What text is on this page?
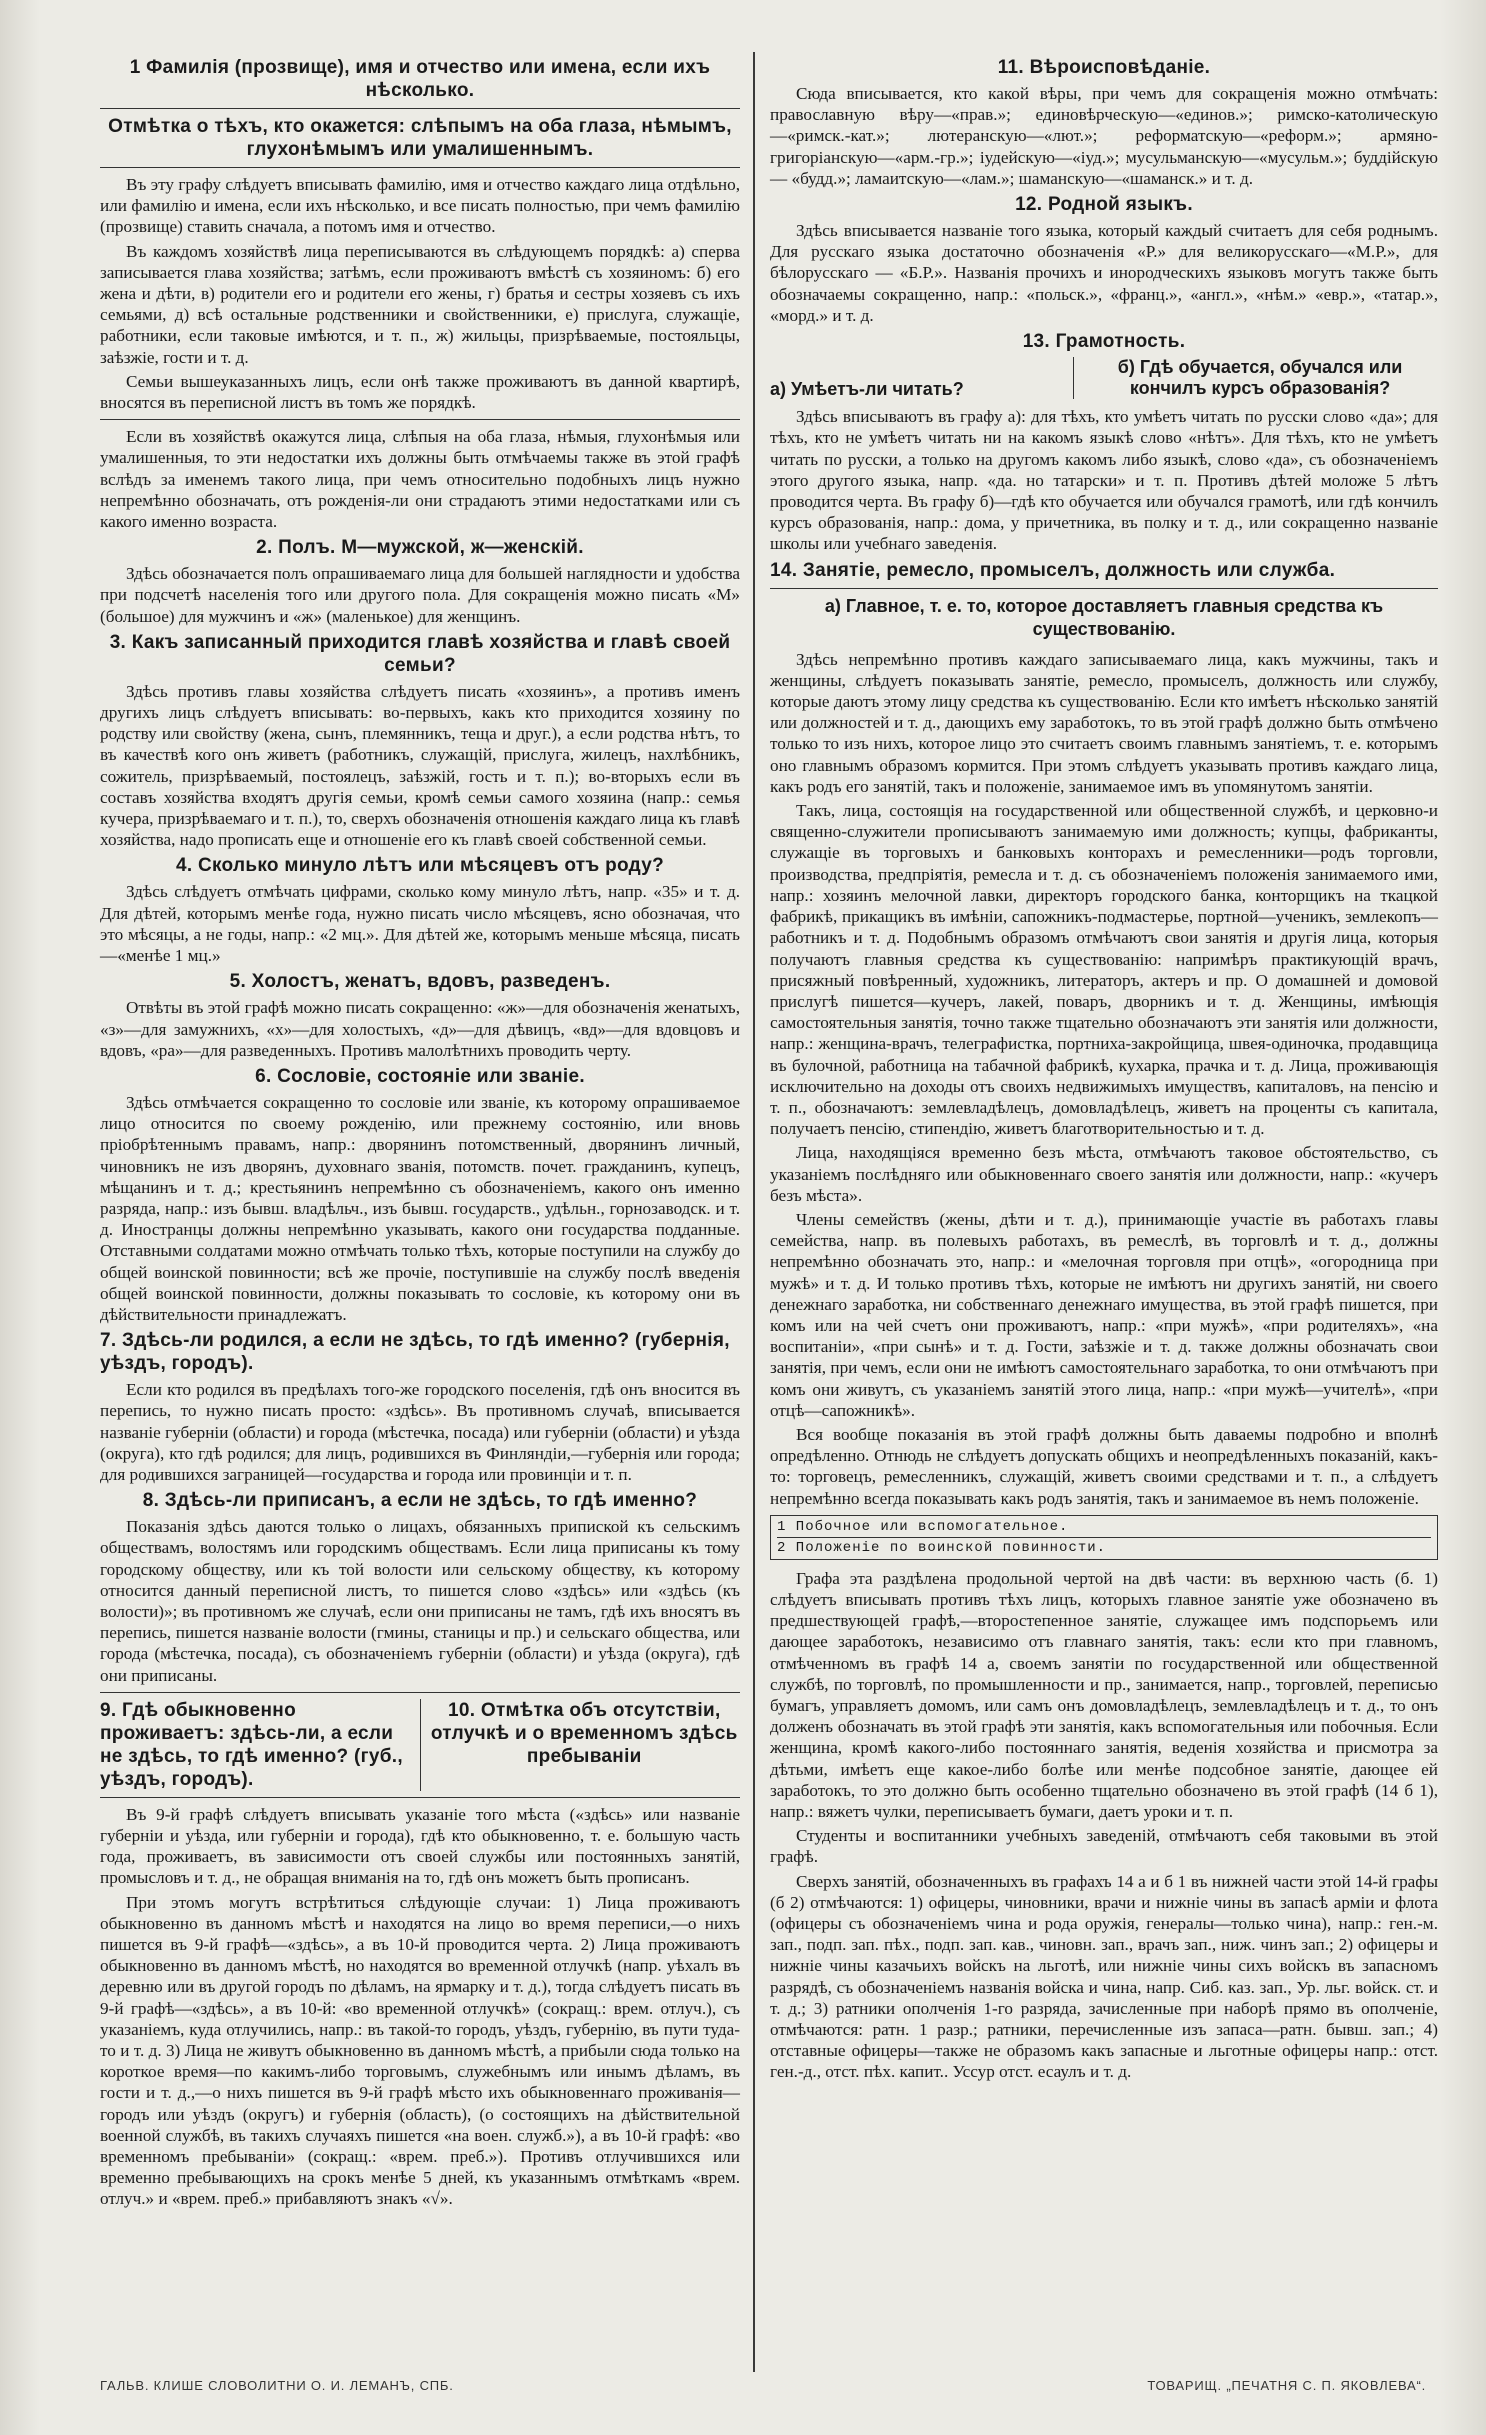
1 Фамилія (прозвище), имя и отчество или имена, если ихъ нѣсколько.
Отмѣтка о тѣхъ, кто окажется: слѣпымъ на оба глаза, нѣмымъ, глухонѣмымъ или умалишеннымъ.

Въ эту графу слѣдуетъ вписывать фамилію, имя и отчество каждаго лица отдѣльно, или фамилію и имена, если ихъ нѣсколько, и все писать полностью, при чемъ фамилію (прозвище) ставить сначала, а потомъ имя и отчество.

Въ каждомъ хозяйствѣ лица переписываются въ слѣдующемъ порядкѣ: а) сперва записывается глава хозяйства; затѣмъ, если проживаютъ вмѣстѣ съ хозяиномъ: б) его жена и дѣти, в) родители его и родители его жены, г) братья и сестры хозяевъ съ ихъ семьями, д) всѣ остальные родственники и свойственники, е) прислуга, служащіе, работники, если таковые имѣются, и т. п., ж) жильцы, призрѣваемые, постояльцы, заѣзжіе, гости и т. д.

Семьи вышеуказанныхъ лицъ, если онѣ также проживаютъ въ данной квартирѣ, вносятся въ переписной листъ въ томъ же порядкѣ.

Если въ хозяйствѣ окажутся лица, слѣпыя на оба глаза, нѣмыя, глухонѣмыя или умалишенныя, то эти недостатки ихъ должны быть отмѣчаемы также въ этой графѣ вслѣдъ за именемъ такого лица, при чемъ относительно подобныхъ лицъ нужно непремѣнно обозначать, отъ рожденія-ли они страдаютъ этими недостатками или съ какого именно возраста.

2. Полъ. М—мужской, ж—женскій.

Здѣсь обозначается полъ опрашиваемаго лица для большей наглядности и удобства при подсчетѣ населенія того или другого пола. Для сокращенія можно писать «М» (большое) для мужчинъ и «ж» (маленькое) для женщинъ.

3. Какъ записанный приходится главѣ хозяйства и главѣ своей семьи?

Здѣсь противъ главы хозяйства слѣдуетъ писать «хозяинъ», а противъ именъ другихъ лицъ слѣдуетъ вписывать: во-первыхъ, какъ кто приходится хозяину по родству или свойству (жена, сынъ, племянникъ, теща и друг.), а если родства нѣтъ, то въ качествѣ кого онъ живетъ (работникъ, служащій, прислуга, жилецъ, нахлѣбникъ, сожитель, призрѣваемый, постоялецъ, заѣзжій, гость и т. п.); во-вторыхъ если въ составъ хозяйства входятъ другія семьи, кромѣ семьи самого хозяина (напр.: семья кучера, призрѣваемаго и т. п.), то, сверхъ обозначенія отношенія каждаго лица къ главѣ хозяйства, надо прописать еще и отношеніе его къ главѣ своей собственной семьи.

4. Сколько минуло лѣтъ или мѣсяцевъ отъ роду?

Здѣсь слѣдуетъ отмѣчать цифрами, сколько кому минуло лѣтъ, напр. «35» и т. д. Для дѣтей, которымъ менѣе года, нужно писать число мѣсяцевъ, ясно обозначая, что это мѣсяцы, а не годы, напр.: «2 мц.». Для дѣтей же, которымъ меньше мѣсяца, писать—«менѣе 1 мц.»

5. Холостъ, женатъ, вдовъ, разведенъ.

Отвѣты въ этой графѣ можно писать сокращенно: «ж»—для обозначенія женатыхъ, «з»—для замужнихъ, «х»—для холостыхъ, «д»—для дѣвицъ, «вд»—для вдовцовъ и вдовъ, «ра»—для разведенныхъ. Противъ малолѣтнихъ проводить черту.

6. Сословіе, состояніе или званіе.

Здѣсь отмѣчается сокращенно то сословіе или званіе, къ которому опрашиваемое лицо относится по своему рожденію, или прежнему состоянію, или вновь пріобрѣтеннымъ правамъ, напр.: дворянинъ потомственный, дворянинъ личный, чиновникъ не изъ дворянъ, духовнаго званія, потомств. почет. гражданинъ, купецъ, мѣщанинъ и т. д.; крестьянинъ непремѣнно съ обозначеніемъ, какого онъ именно разряда, напр.: изъ бывш. владѣльч., изъ бывш. государств., удѣльн., горнозаводск. и т. д. Иностранцы должны непремѣнно указывать, какого они государства подданные. Отставными солдатами можно отмѣчать только тѣхъ, которые поступили на службу до общей воинской повинности; всѣ же прочіе, поступившіе на службу послѣ введенія общей воинской повинности, должны показывать то сословіе, къ которому они въ дѣйствительности принадлежатъ.

7. Здѣсь-ли родился, а если не здѣсь, то гдѣ именно? (губернія, уѣздъ, городъ).

Если кто родился въ предѣлахъ того-же городского поселенія, гдѣ онъ вносится въ перепись, то нужно писать просто: «здѣсь». Въ противномъ случаѣ, вписывается названіе губерніи (области) и города (мѣстечка, посада) или губерніи (области) и уѣзда (округа), кто гдѣ родился; для лицъ, родившихся въ Финляндіи,—губернія или города; для родившихся заграницей—государства и города или провинціи и т. п.

8. Здѣсь-ли приписанъ, а если не здѣсь, то гдѣ именно?

Показанія здѣсь даются только о лицахъ, обязанныхъ припиской къ сельскимъ обществамъ, волостямъ или городскимъ обществамъ. Если лица приписаны къ тому городскому обществу, или къ той волости или сельскому обществу, къ которому относится данный переписной листъ, то пишется слово «здѣсь» или «здѣсь (къ волости)»; въ противномъ же случаѣ, если они приписаны не тамъ, гдѣ ихъ вносятъ въ перепись, пишется названіе волости (гмины, станицы и пр.) и сельскаго общества, или города (мѣстечка, посада), съ обозначеніемъ губерніи (области) и уѣзда (округа), гдѣ они приписаны.

9. Гдѣ обыкновенно проживаетъ: здѣсь-ли, а если не здѣсь, то гдѣ именно? (губ., уѣздъ, городъ).
10. Отмѣтка объ отсутствіи, отлучкѣ и о временномъ здѣсь пребываніи

Въ 9-й графѣ слѣдуетъ вписывать указаніе того мѣста («здѣсь» или названіе губерніи и уѣзда, или губерніи и города), гдѣ кто обыкновенно, т. е. большую часть года, проживаетъ, въ зависимости отъ своей службы или постоянныхъ занятій, промысловъ и т. д., не обращая вниманія на то, гдѣ онъ можетъ быть прописанъ.

При этомъ могутъ встрѣтиться слѣдующіе случаи: 1) Лица проживаютъ обыкновенно въ данномъ мѣстѣ и находятся на лицо во время переписи,—о нихъ пишется въ 9-й графѣ—«здѣсь», а въ 10-й проводится черта. 2) Лица проживаютъ обыкновенно въ данномъ мѣстѣ, но находятся во временной отлучкѣ (напр. уѣхалъ въ деревню или въ другой городъ по дѣламъ, на ярмарку и т. д.), тогда слѣдуетъ писать въ 9-й графѣ—«здѣсь», а въ 10-й: «во временной отлучкѣ» (сокращ.: врем. отлуч.), съ указаніемъ, куда отлучились, напр.: въ такой-то городъ, уѣздъ, губернію, въ пути туда-то и т. д. 3) Лица не живутъ обыкновенно въ данномъ мѣстѣ, а прибыли сюда только на короткое время—по какимъ-либо торговымъ, служебнымъ или инымъ дѣламъ, въ гости и т. д.,—о нихъ пишется въ 9-й графѣ мѣсто ихъ обыкновеннаго проживанія—городъ или уѣздъ (округъ) и губернія (область), (о состоящихъ на дѣйствительной военной службѣ, въ такихъ случаяхъ пишется «на воен. служб.»), а въ 10-й графѣ: «во временномъ пребываніи» (сокращ.: «врем. преб.»). Противъ отлучившихся или временно пребывающихъ на срокъ менѣе 5 дней, къ указаннымъ отмѣткамъ «врем. отлуч.» и «врем. преб.» прибавляютъ знакъ «√».

11. Вѣроисповѣданіе.

Сюда вписывается, кто какой вѣры, при чемъ для сокращенія можно отмѣчать: православную вѣру—«прав.»; единовѣрческую—«единов.»; римско-католическую—«римск.-кат.»; лютеранскую—«лют.»; реформатскую—«реформ.»; армяно-григоріанскую—«арм.-гр.»; іудейскую—«іуд.»; мусульманскую—«мусульм.»; буддійскую — «будд.»; ламаитскую—«лам.»; шаманскую—«шаманск.» и т. д.

12. Родной языкъ.

Здѣсь вписывается названіе того языка, который каждый считаетъ для себя роднымъ. Для русскаго языка достаточно обозначенія «Р.» для великорусскаго—«М.Р.», для бѣлорусскаго — «Б.Р.». Названія прочихъ и инородческихъ языковъ могутъ также быть обозначаемы сокращенно, напр.: «польск.», «франц.», «англ.», «нѣм.» «евр.», «татар.», «морд.» и т. д.

13. Грамотность.
а) Умѣетъ-ли читать?
б) Гдѣ обучается, обучался или кончилъ курсъ образованія?

Здѣсь вписываютъ въ графу а): для тѣхъ, кто умѣетъ читать по русски слово «да»; для тѣхъ, кто не умѣетъ читать ни на какомъ языкѣ слово «нѣтъ». Для тѣхъ, кто не умѣетъ читать по русски, а только на другомъ какомъ либо языкѣ, слово «да», съ обозначеніемъ этого другого языка, напр. «да. но татарски» и т. п. Противъ дѣтей моложе 5 лѣтъ проводится черта. Въ графу б)—гдѣ кто обучается или обучался грамотѣ, или гдѣ кончилъ курсъ образованія, напр.: дома, у причетника, въ полку и т. д., или сокращенно названіе школы или учебнаго заведенія.

14. Занятіе, ремесло, промыселъ, должность или служба.
а) Главное, т. е. то, которое доставляетъ главныя средства къ существованію.

Здѣсь непремѣнно противъ каждаго записываемаго лица, какъ мужчины, такъ и женщины, слѣдуетъ показывать занятіе, ремесло, промыселъ, должность или службу, которые даютъ этому лицу средства къ существованію. Если кто имѣетъ нѣсколько занятій или должностей и т. д., дающихъ ему заработокъ, то въ этой графѣ должно быть отмѣчено только то изъ нихъ, которое лицо это считаетъ своимъ главнымъ занятіемъ, т. е. которымъ оно главнымъ образомъ кормится. При этомъ слѣдуетъ указывать противъ каждаго лица, какъ родъ его занятій, такъ и положеніе, занимаемое имъ въ упомянутомъ занятіи.

Такъ, лица, состоящія на государственной или общественной службѣ, и церковно-и священно-служители прописываютъ занимаемую ими должность; купцы, фабриканты, служащіе въ торговыхъ и банковыхъ конторахъ и ремесленники—родъ торговли, производства, предпріятія, ремесла и т. д. съ обозначеніемъ положенія занимаемого ими, напр.: хозяинъ мелочной лавки, директоръ городского банка, конторщикъ на ткацкой фабрикѣ, прикащикъ въ имѣніи, сапожникъ-подмастерье, портной—ученикъ, землекопъ—работникъ и т. д. Подобнымъ образомъ отмѣчаютъ свои занятія и другія лица, которыя получаютъ главныя средства къ существованію: напримѣръ практикующій врачъ, присяжный повѣренный, художникъ, литераторъ, актеръ и пр. О домашней и домовой прислугѣ пишется—кучеръ, лакей, поваръ, дворникъ и т. д. Женщины, имѣющія самостоятельныя занятія, точно также тщательно обозначаютъ эти занятія или должности, напр.: женщина-врачъ, телеграфистка, портниха-закройщица, швея-одиночка, продавщица въ булочной, работница на табачной фабрикѣ, кухарка, прачка и т. д. Лица, проживающія исключительно на доходы отъ своихъ недвижимыхъ имуществъ, капиталовъ, на пенсію и т. п., обозначаютъ: землевладѣлецъ, домовладѣлецъ, живетъ на проценты съ капитала, получаетъ пенсію, стипендію, живетъ благотворительностью и т. д.

Лица, находящіяся временно безъ мѣста, отмѣчаютъ таковое обстоятельство, съ указаніемъ послѣдняго или обыкновеннаго своего занятія или должности, напр.: «кучеръ безъ мѣста».

Члены семействъ (жены, дѣти и т. д.), принимающіе участіе въ работахъ главы семейства, напр. въ полевыхъ работахъ, въ ремеслѣ, въ торговлѣ и т. д., должны непремѣнно обозначать это, напр.: и «мелочная торговля при отцѣ», «огородница при мужѣ» и т. д. И только противъ тѣхъ, которые не имѣютъ ни другихъ занятій, ни своего денежнаго заработка, ни собственнаго денежнаго имущества, въ этой графѣ пишется, при комъ или на чей счетъ они проживаютъ, напр.: «при мужѣ», «при родителяхъ», «на воспитаніи», «при сынѣ» и т. д. Гости, заѣзжіе и т. д. также должны обозначать свои занятія, при чемъ, если они не имѣютъ самостоятельнаго заработка, то они отмѣчаютъ при комъ они живутъ, съ указаніемъ занятій этого лица, напр.: «при мужѣ—учителѣ», «при отцѣ—сапожникѣ».

Вся вообще показанія въ этой графѣ должны быть даваемы подробно и вполнѣ опредѣленно. Отнюдь не слѣдуетъ допускать общихъ и неопредѣленныхъ показаній, какъ-то: торговецъ, ремесленникъ, служащій, живетъ своими средствами и т. п., а слѣдуетъ непремѣнно всегда показывать какъ родъ занятія, такъ и занимаемое въ немъ положеніе.

1 Побочное или вспомогательное.
2 Положеніе по воинской повинности.

Графа эта раздѣлена продольной чертой на двѣ части: въ верхнюю часть (б. 1) слѣдуетъ вписывать противъ тѣхъ лицъ, которыхъ главное занятіе уже обозначено въ предшествующей графѣ,—второстепенное занятіе, служащее имъ подспорьемъ или дающее заработокъ, независимо отъ главнаго занятія, такъ: если кто при главномъ, отмѣченномъ въ графѣ 14 а, своемъ занятіи по государственной или общественной службѣ, по торговлѣ, по промышленности и пр., занимается, напр., торговлей, переписью бумагъ, управляетъ домомъ, или самъ онъ домовладѣлецъ, землевладѣлецъ и т. д., то онъ долженъ обозначать въ этой графѣ эти занятія, какъ вспомогательныя или побочныя. Если женщина, кромѣ какого-либо постояннаго занятія, веденія хозяйства и присмотра за дѣтьми, имѣетъ еще какое-либо болѣе или менѣе подсобное занятіе, дающее ей заработокъ, то это должно быть особенно тщательно обозначено въ этой графѣ (14 б 1), напр.: вяжетъ чулки, переписываетъ бумаги, даетъ уроки и т. п.

Студенты и воспитанники учебныхъ заведеній, отмѣчаютъ себя таковыми въ этой графѣ.

Сверхъ занятій, обозначенныхъ въ графахъ 14 а и б 1 въ нижней части этой 14-й графы (б 2) отмѣчаются: 1) офицеры, чиновники, врачи и нижніе чины въ запасѣ арміи и флота (офицеры съ обозначеніемъ чина и рода оружія, генералы—только чина), напр.: ген.-м. зап., подп. зап. пѣх., подп. зап. кав., чиновн. зап., врачъ зап., ниж. чинъ зап.; 2) офицеры и нижніе чины казачьихъ войскъ на льготѣ, или нижніе чины сихъ войскъ въ запасномъ разрядѣ, съ обозначеніемъ названія войска и чина, напр. Сиб. каз. зап., Ур. льг. войск. ст. и т. д.; 3) ратники ополченія 1-го разряда, зачисленные при наборѣ прямо въ ополченіе, отмѣчаются: ратн. 1 разр.; ратники, перечисленные изъ запаса—ратн. бывш. зап.; 4) отставные офицеры—также не образомъ какъ запасные и льготные офицеры напр.: отст. ген.-д., отст. пѣх. капит.. Уссур отст. есаулъ и т. д.

ГАЛЬВ. КЛИШЕ СЛОВОЛИТНИ О. И. ЛЕМАНЪ, СПБ.	ТОВАРИЩ. „ПЕЧАТНЯ С. П. ЯКОВЛЕВА“.
